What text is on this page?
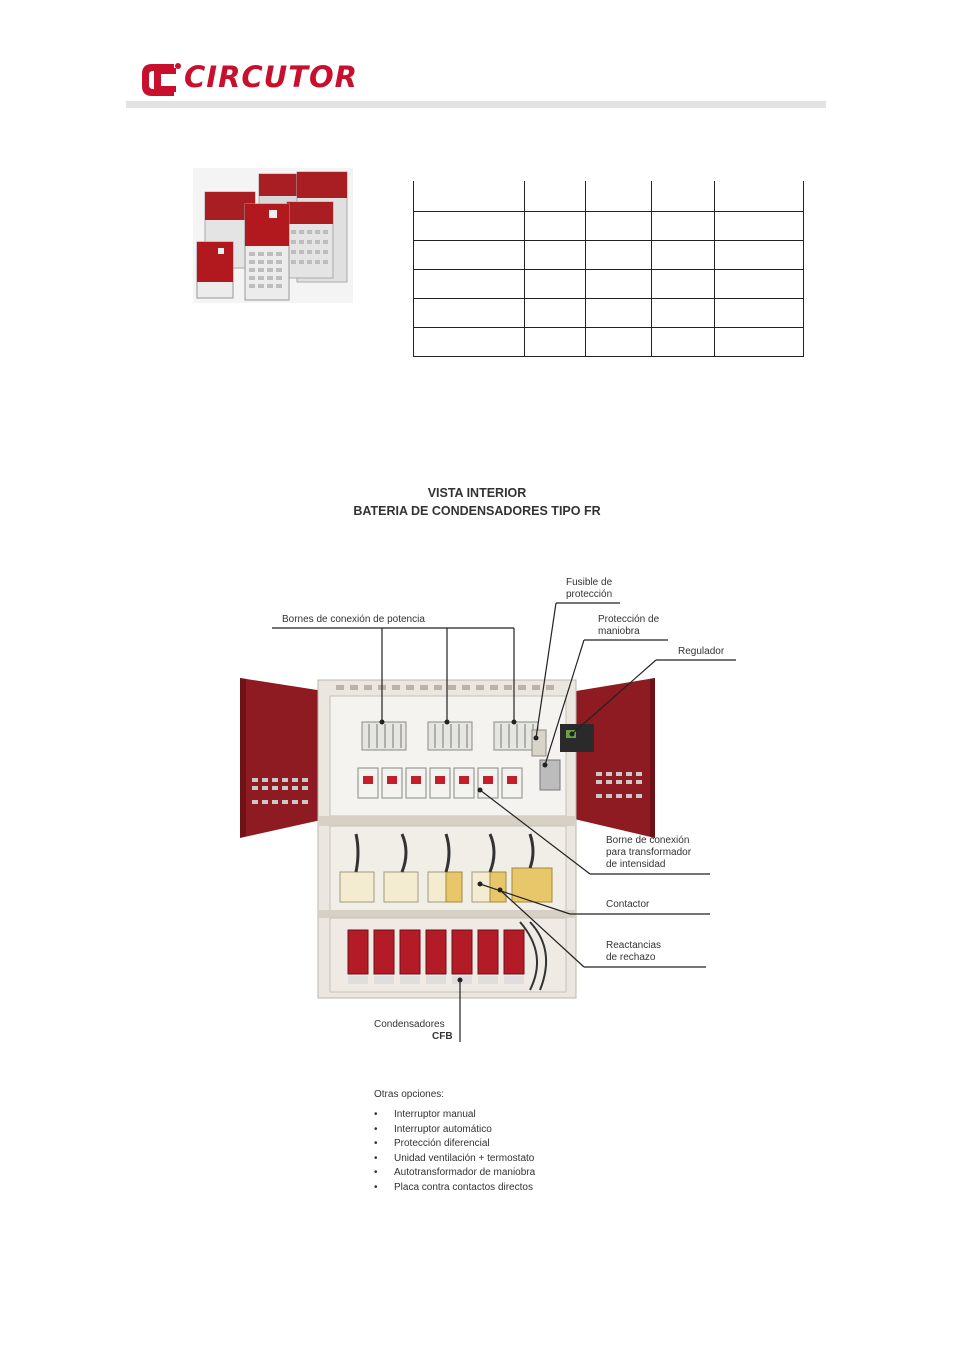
CIRCUTOR

VISTA INTERIOR
BATERIA DE CONDENSADORES TIPO FR
Bornes de conexión de potencia
Fusible de
protección
Protección de
maniobra
Regulador
Borne de conexión
para transformador
de intensidad
Contactor
Reactancias
de rechazo
Condensadores
CFB
Otras opciones:
• Interruptor manual
• Interruptor automático
• Protección diferencial
• Unidad ventilación + termostato
• Autotransformador de maniobra
• Placa contra contactos directos
